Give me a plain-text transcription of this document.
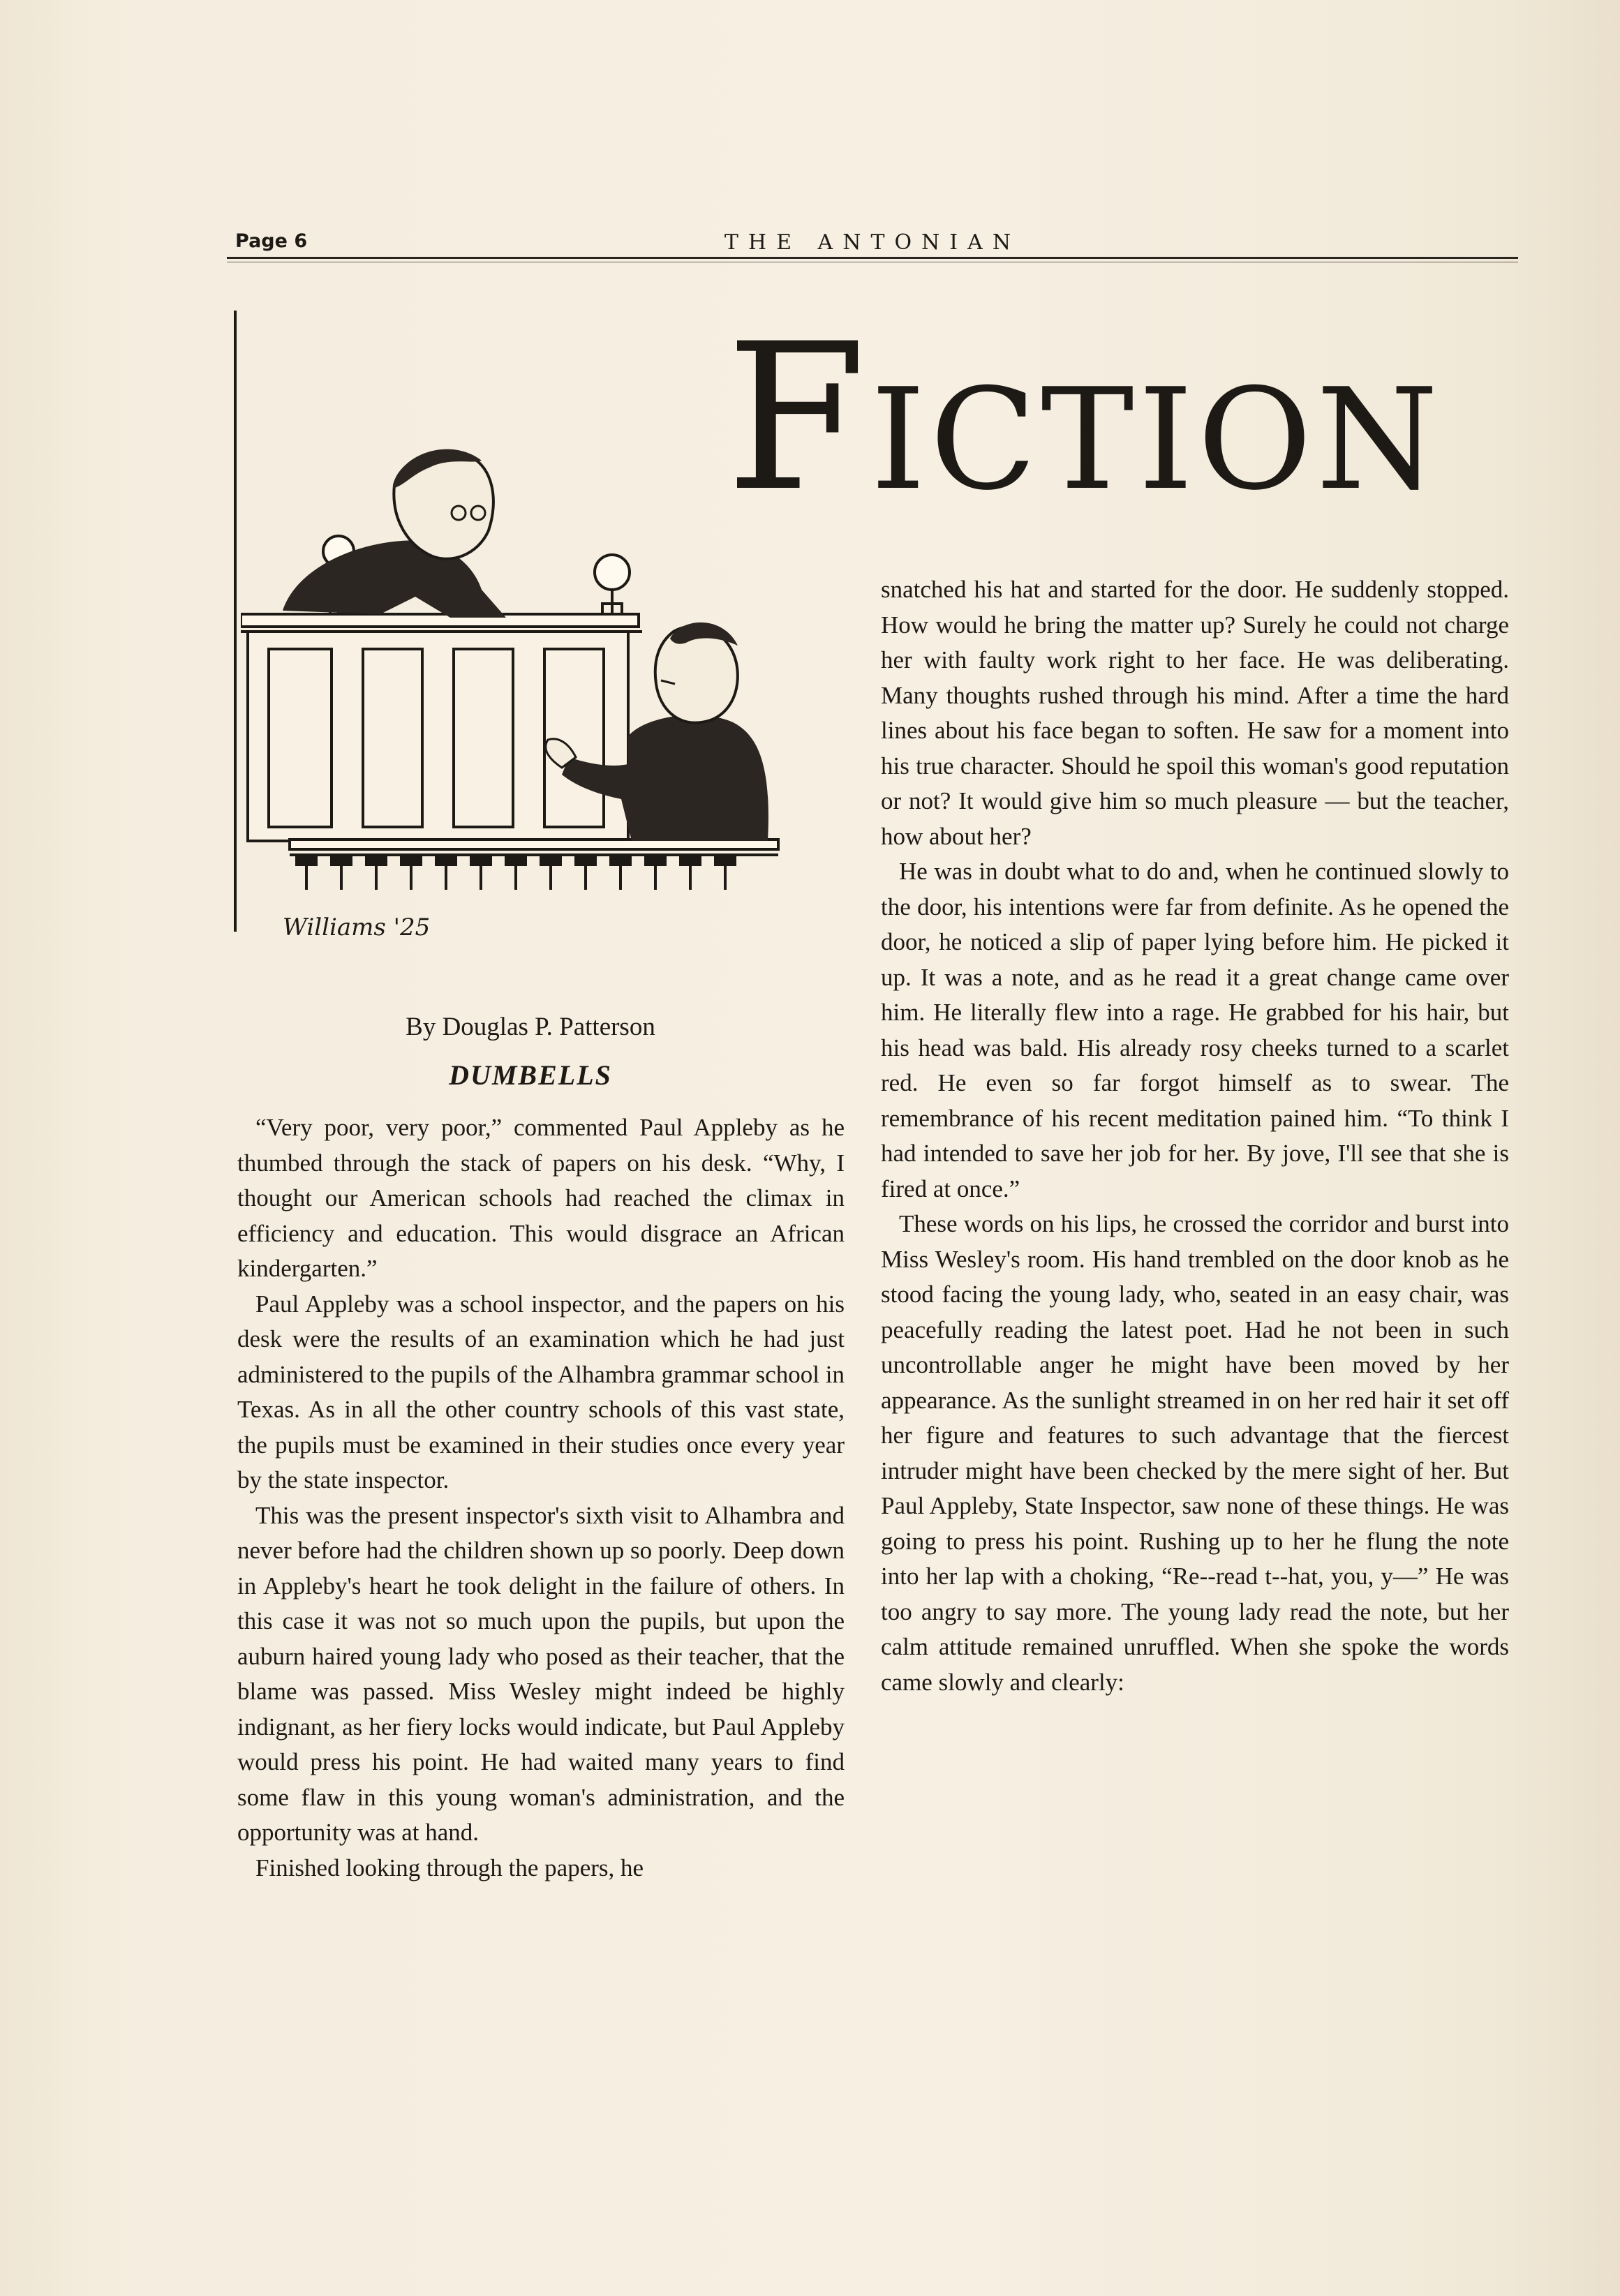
Page 6	THE ANTONIAN
FICTION
Williams '25
By Douglas P. Patterson
DUMBELLS

“Very poor, very poor,” commented Paul Appleby as he thumbed through the stack of papers on his desk. “Why, I thought our American schools had reached the climax in efficiency and education. This would disgrace an African kindergarten.”

Paul Appleby was a school inspector, and the papers on his desk were the results of an examination which he had just administered to the pupils of the Alhambra grammar school in Texas. As in all the other country schools of this vast state, the pupils must be examined in their studies once every year by the state inspector.

This was the present inspector's sixth visit to Alhambra and never before had the children shown up so poorly. Deep down in Appleby's heart he took delight in the failure of others. In this case it was not so much upon the pupils, but upon the auburn haired young lady who posed as their teacher, that the blame was passed. Miss Wesley might indeed be highly indignant, as her fiery locks would indicate, but Paul Appleby would press his point. He had waited many years to find some flaw in this young woman's administration, and the opportunity was at hand.

Finished looking through the papers, he

snatched his hat and started for the door. He suddenly stopped. How would he bring the matter up? Surely he could not charge her with faulty work right to her face. He was deliberating. Many thoughts rushed through his mind. After a time the hard lines about his face began to soften. He saw for a moment into his true character. Should he spoil this woman's good reputation or not? It would give him so much pleasure — but the teacher, how about her?

He was in doubt what to do and, when he continued slowly to the door, his intentions were far from definite. As he opened the door, he noticed a slip of paper lying before him. He picked it up. It was a note, and as he read it a great change came over him. He literally flew into a rage. He grabbed for his hair, but his head was bald. His already rosy cheeks turned to a scarlet red. He even so far forgot himself as to swear. The remembrance of his recent meditation pained him. “To think I had intended to save her job for her. By jove, I'll see that she is fired at once.”

These words on his lips, he crossed the corridor and burst into Miss Wesley's room. His hand trembled on the door knob as he stood facing the young lady, who, seated in an easy chair, was peacefully reading the latest poet. Had he not been in such uncontrollable anger he might have been moved by her appearance. As the sunlight streamed in on her red hair it set off her figure and features to such advantage that the fiercest intruder might have been checked by the mere sight of her. But Paul Appleby, State Inspector, saw none of these things. He was going to press his point. Rushing up to her he flung the note into her lap with a choking, “Re--read t--hat, you, y—” He was too angry to say more. The young lady read the note, but her calm attitude remained unruffled. When she spoke the words came slowly and clearly:
